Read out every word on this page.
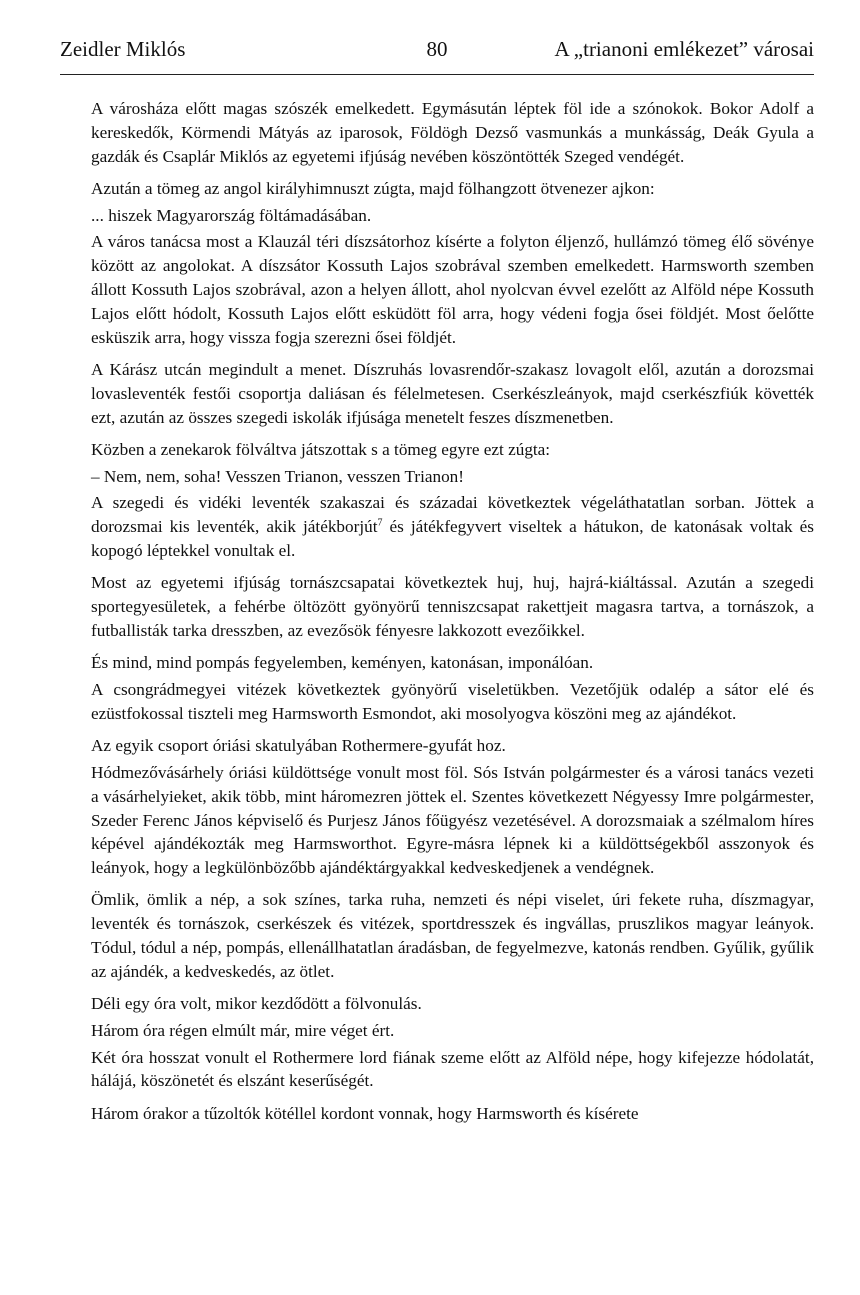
Zeidler Miklós	80	A „trianoni emlékezet” városai

A városháza előtt magas szószék emelkedett. Egymásután léptek föl ide a szónokok. Bokor Adolf a kereskedők, Körmendi Mátyás az iparosok, Földögh Dezső vasmunkás a munkásság, Deák Gyula a gazdák és Csaplár Miklós az egyetemi ifjúság nevében köszöntötték Szeged vendégét.

Azután a tömeg az angol királyhimnuszt zúgta, majd fölhangzott ötvenezer ajkon:

... hiszek Magyarország föltámadásában.

A város tanácsa most a Klauzál téri díszsátorhoz kísérte a folyton éljenző, hullámzó tömeg élő sövénye között az angolokat. A díszsátor Kossuth Lajos szobrával szemben emelkedett. Harmsworth szemben állott Kossuth Lajos szobrával, azon a helyen állott, ahol nyolcvan évvel ezelőtt az Alföld népe Kossuth Lajos előtt hódolt, Kossuth Lajos előtt esküdött föl arra, hogy védeni fogja ősei földjét. Most őelőtte esküszik arra, hogy vissza fogja szerezni ősei földjét.

A Kárász utcán megindult a menet. Díszruhás lovasrendőr-szakasz lovagolt elől, azután a dorozsmai lovasleventék festői csoportja daliásan és félelmetesen. Cserkészleányok, majd cserkészfiúk követték ezt, azután az összes szegedi iskolák ifjúsága menetelt feszes díszmenetben.

Közben a zenekarok fölváltva játszottak s a tömeg egyre ezt zúgta:

– Nem, nem, soha! Vesszen Trianon, vesszen Trianon!

A szegedi és vidéki leventék szakaszai és századai következtek végeláthatatlan sorban. Jöttek a dorozsmai kis leventék, akik játékborjút$^7$ és játékfegyvert viseltek a hátukon, de katonásak voltak és kopogó léptekkel vonultak el.

Most az egyetemi ifjúság tornászcsapatai következtek huj, huj, hajrá-kiáltással. Azután a szegedi sportegyesületek, a fehérbe öltözött gyönyörű tenniszcsapat rakettjeit magasra tartva, a tornászok, a futballisták tarka dresszben, az evezősök fényesre lakkozott evezőikkel.

És mind, mind pompás fegyelemben, keményen, katonásan, imponálóan.

A csongrádmegyei vitézek következtek gyönyörű viseletükben. Vezetőjük odalép a sátor elé és ezüstfokossal tiszteli meg Harmsworth Esmondot, aki mosolyogva köszöni meg az ajándékot.

Az egyik csoport óriási skatulyában Rothermere-gyufát hoz.

Hódmezővásárhely óriási küldöttsége vonult most föl. Sós István polgármester és a városi tanács vezeti a vásárhelyieket, akik több, mint háromezren jöttek el. Szentes következett Négyessy Imre polgármester, Szeder Ferenc János képviselő és Purjesz János főügyész vezetésével. A dorozsmaiak a szélmalom híres képével ajándékozták meg Harmsworthot. Egyre-másra lépnek ki a küldöttségekből asszonyok és leányok, hogy a legkülönbözőbb ajándéktárgyakkal kedveskedjenek a vendégnek.

Ömlik, ömlik a nép, a sok színes, tarka ruha, nemzeti és népi viselet, úri fekete ruha, díszmagyar, leventék és tornászok, cserkészek és vitézek, sportdresszek és ingvállas, pruszlikos magyar leányok. Tódul, tódul a nép, pompás, ellenállhatatlan áradásban, de fegyelmezve, katonás rendben. Gyűlik, gyűlik az ajándék, a kedveskedés, az ötlet.

Déli egy óra volt, mikor kezdődött a fölvonulás.

Három óra régen elmúlt már, mire véget ért.

Két óra hosszat vonult el Rothermere lord fiának szeme előtt az Alföld népe, hogy kifejezze hódolatát, hálájá, köszönetét és elszánt keserűségét.

Három órakor a tűzoltók kötéllel kordont vonnak, hogy Harmsworth és kísérete
